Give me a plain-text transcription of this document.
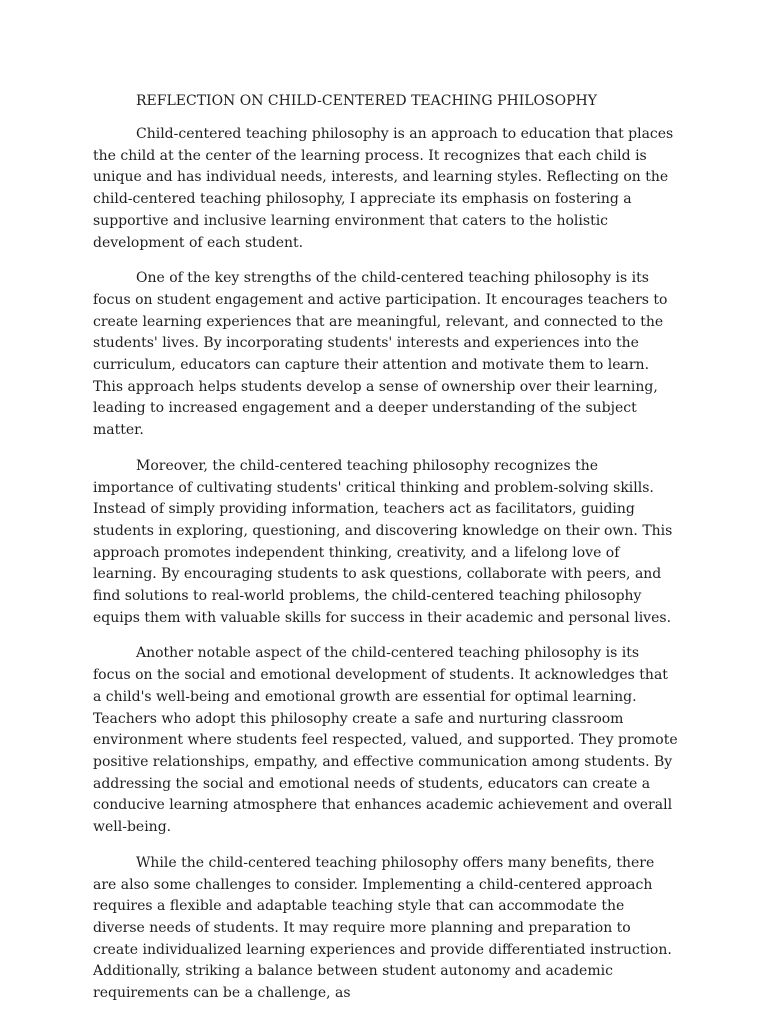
REFLECTION ON CHILD-CENTERED TEACHING PHILOSOPHY

Child-centered teaching philosophy is an approach to education that places the child at the center of the learning process. It recognizes that each child is unique and has individual needs, interests, and learning styles. Reflecting on the child-centered teaching philosophy, I appreciate its emphasis on fostering a supportive and inclusive learning environment that caters to the holistic development of each student.

One of the key strengths of the child-centered teaching philosophy is its focus on student engagement and active participation. It encourages teachers to create learning experiences that are meaningful, relevant, and connected to the students' lives. By incorporating students' interests and experiences into the curriculum, educators can capture their attention and motivate them to learn. This approach helps students develop a sense of ownership over their learning, leading to increased engagement and a deeper understanding of the subject matter.

Moreover, the child-centered teaching philosophy recognizes the importance of cultivating students' critical thinking and problem-solving skills. Instead of simply providing information, teachers act as facilitators, guiding students in exploring, questioning, and discovering knowledge on their own. This approach promotes independent thinking, creativity, and a lifelong love of learning. By encouraging students to ask questions, collaborate with peers, and find solutions to real-world problems, the child-centered teaching philosophy equips them with valuable skills for success in their academic and personal lives.

Another notable aspect of the child-centered teaching philosophy is its focus on the social and emotional development of students. It acknowledges that a child's well-being and emotional growth are essential for optimal learning. Teachers who adopt this philosophy create a safe and nurturing classroom environment where students feel respected, valued, and supported. They promote positive relationships, empathy, and effective communication among students. By addressing the social and emotional needs of students, educators can create a conducive learning atmosphere that enhances academic achievement and overall well-being.

While the child-centered teaching philosophy offers many benefits, there are also some challenges to consider. Implementing a child-centered approach requires a flexible and adaptable teaching style that can accommodate the diverse needs of students. It may require more planning and preparation to create individualized learning experiences and provide differentiated instruction. Additionally, striking a balance between student autonomy and academic requirements can be a challenge, as
